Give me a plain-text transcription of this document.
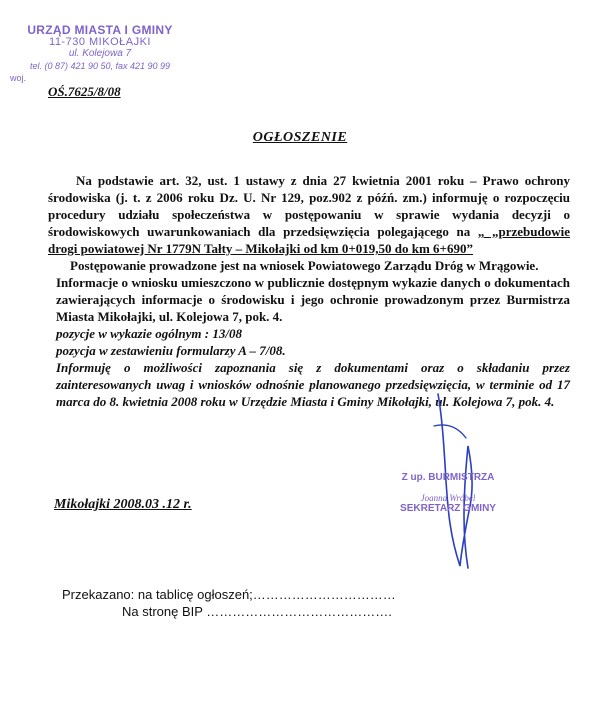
URZĄD MIASTA I GMINY
11-730 MIKOŁAJKI
ul. Kolejowa 7
tel. (0 87) 421 90 50, fax 421 90 99
woj.
OŚ.7625/8/08
OGŁOSZENIE

Na podstawie art. 32, ust. 1 ustawy z dnia 27 kwietnia 2001 roku – Prawo ochrony środowiska (j. t. z 2006 roku Dz. U. Nr 129, poz.902 z późń. zm.) informuję o rozpoczęciu procedury udziału społeczeństwa w postępowaniu w sprawie wydania decyzji o środowiskowych uwarunkowaniach dla przedsięwzięcia polegającego na „ „przebudowie drogi powiatowej Nr 1779N Tałty – Mikołajki od km 0+019,50 do km 6+690”

Postępowanie prowadzone jest na wniosek Powiatowego Zarządu Dróg w Mrągowie.

Informacje o wniosku umieszczono w publicznie dostępnym wykazie danych o dokumentach zawierających informacje o środowisku i jego ochronie prowadzonym przez Burmistrza Miasta Mikołajki, ul. Kolejowa 7, pok. 4.

pozycje w wykazie ogólnym : 13/08
pozycja w zestawieniu formularzy A – 7/08.

Informuję o możliwości zapoznania się z dokumentami oraz o składaniu przez zainteresowanych uwag i wniosków odnośnie planowanego przedsięwzięcia, w terminie od 17 marca do 8. kwietnia 2008 roku w Urzędzie Miasta i Gminy Mikołajki, ul. Kolejowa 7, pok. 4.

Z up. BURMISTRZA
Joanna Wróbel
SEKRETARZ GMINY
Mikołajki 2008.03 .12 r.
Przekazano: na tablicę ogłoszeń;……………………………
Na stronę BIP …………………………………….
